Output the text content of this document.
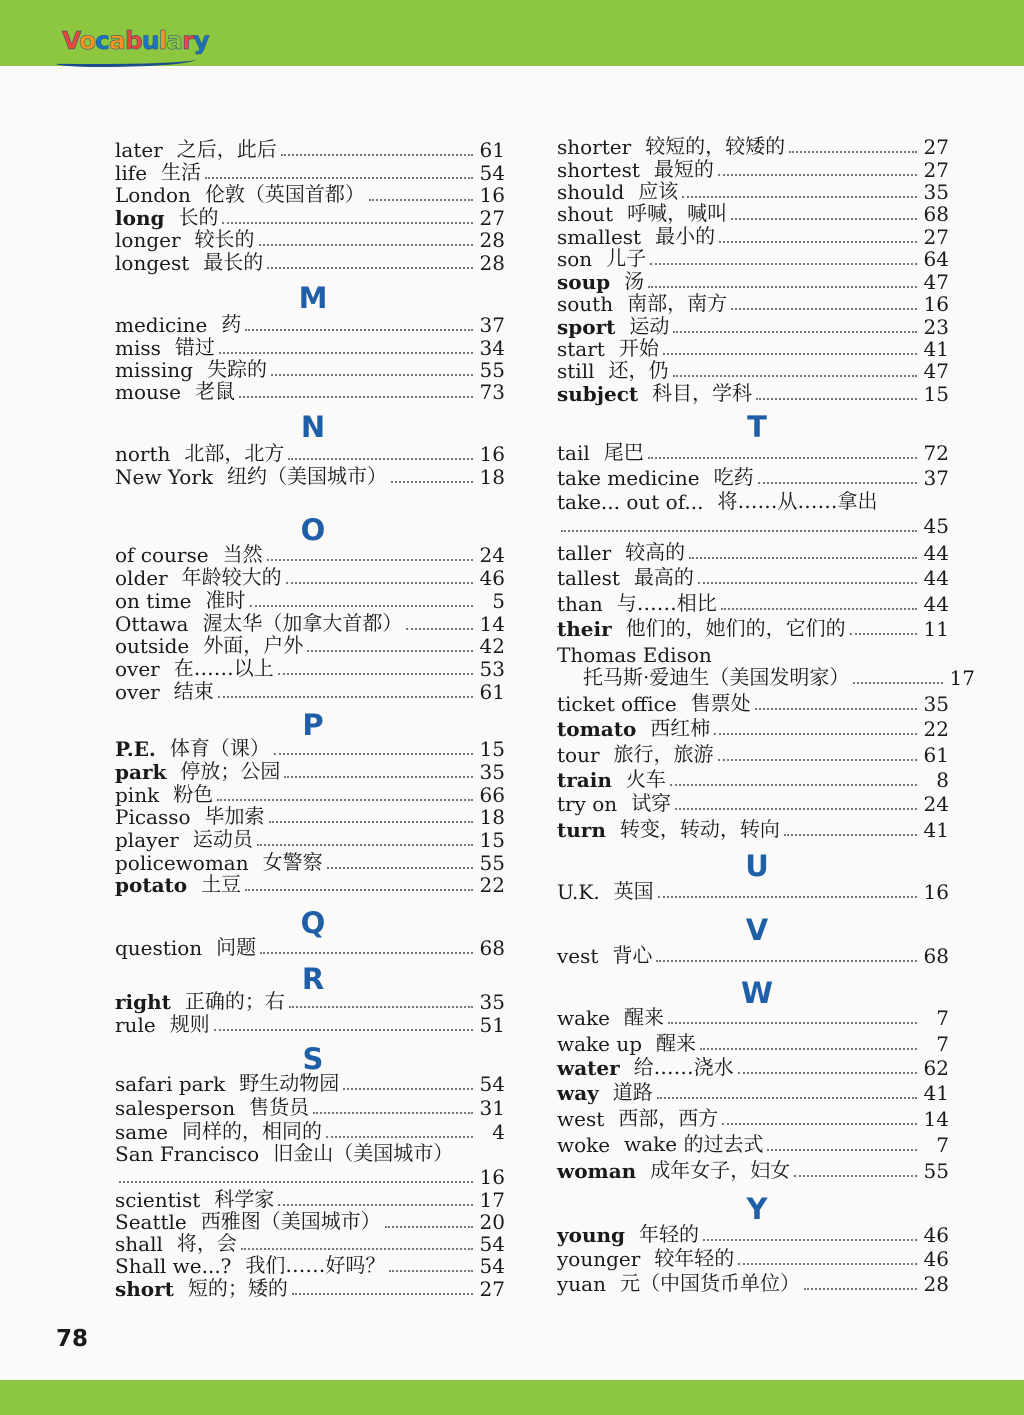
Vocabulary
later 之后，此后	61
life 生活	54
London 伦敦（英国首都）	16
long 长的	27
longer 较长的	28
longest 最长的	28
M
medicine 药	37
miss 错过	34
missing 失踪的	55
mouse 老鼠	73
N
north 北部，北方	16
New York 纽约（美国城市）	18
O
of course 当然	24
older 年龄较大的	46
on time 准时	5
Ottawa 渥太华（加拿大首都）	14
outside 外面，户外	42
over 在……以上	53
over 结束	61
P
P.E. 体育（课）	15
park 停放；公园	35
pink 粉色	66
Picasso 毕加索	18
player 运动员	15
policewoman 女警察	55
potato 土豆	22
Q
question 问题	68
R
right 正确的；右	35
rule 规则	51
S
safari park 野生动物园	54
salesperson 售货员	31
same 同样的，相同的	4
San Francisco 旧金山（美国城市）
16
scientist 科学家	17
Seattle 西雅图（美国城市）	20
shall 将，会	54
Shall we...? 我们……好吗？	54
short 短的；矮的	27
shorter 较短的，较矮的	27
shortest 最短的	27
should 应该	35
shout 呼喊，喊叫	68
smallest 最小的	27
son 儿子	64
soup 汤	47
south 南部，南方	16
sport 运动	23
start 开始	41
still 还，仍	47
subject 科目，学科	15
T
tail 尾巴	72
take medicine 吃药	37
take... out of... 将……从……拿出
45
taller 较高的	44
tallest 最高的	44
than 与……相比	44
their 他们的，她们的，它们的	11
Thomas Edison
托马斯·爱迪生（美国发明家）	17
ticket office 售票处	35
tomato 西红柿	22
tour 旅行，旅游	61
train 火车	8
try on 试穿	24
turn 转变，转动，转向	41
U
U.K. 英国	16
V
vest 背心	68
W
wake 醒来	7
wake up 醒来	7
water 给……浇水	62
way 道路	41
west 西部，西方	14
woke wake 的过去式	7
woman 成年女子，妇女	55
Y
young 年轻的	46
younger 较年轻的	46
yuan 元（中国货币单位）	28
78
